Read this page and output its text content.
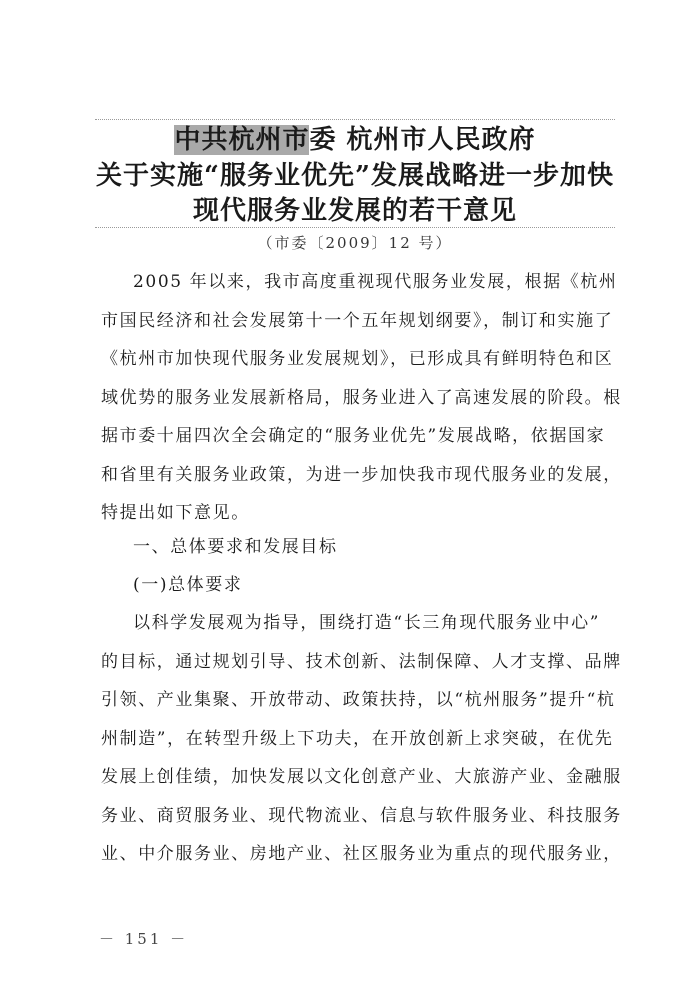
中共杭州市委 杭州市人民政府
关于实施“服务业优先”发展战略进一步加快
现代服务业发展的若干意见
（市委〔2009〕12 号）
2005 年以来，我市高度重视现代服务业发展，根据《杭州
市国民经济和社会发展第十一个五年规划纲要》，制订和实施了
《杭州市加快现代服务业发展规划》，已形成具有鲜明特色和区
域优势的服务业发展新格局，服务业进入了高速发展的阶段。根
据市委十届四次全会确定的“服务业优先”发展战略，依据国家
和省里有关服务业政策，为进一步加快我市现代服务业的发展，
特提出如下意见。
一、总体要求和发展目标
(一)总体要求
以科学发展观为指导，围绕打造“长三角现代服务业中心”
的目标，通过规划引导、技术创新、法制保障、人才支撑、品牌
引领、产业集聚、开放带动、政策扶持，以“杭州服务”提升“杭
州制造”，在转型升级上下功夫，在开放创新上求突破，在优先
发展上创佳绩，加快发展以文化创意产业、大旅游产业、金融服
务业、商贸服务业、现代物流业、信息与软件服务业、科技服务
业、中介服务业、房地产业、社区服务业为重点的现代服务业，
－ 151 －
